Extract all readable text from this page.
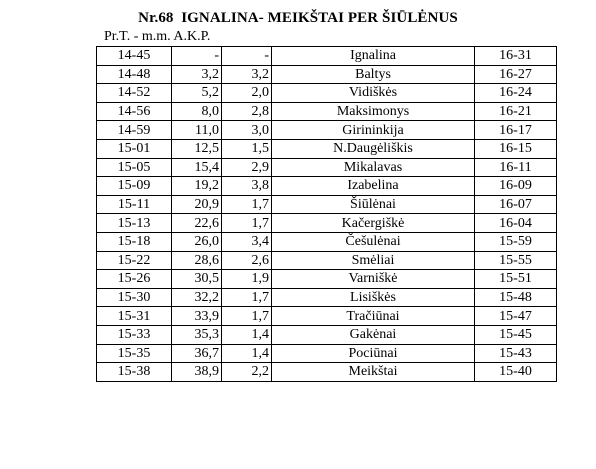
Nr.68  IGNALINA- MEIKŠTAI PER ŠIŪLĖNUS
Pr.T. - m.m. A.K.P.
14-45	-	-	Ignalina	16-31
14-48	3,2	3,2	Baltys	16-27
14-52	5,2	2,0	Vidiškės	16-24
14-56	8,0	2,8	Maksimonys	16-21
14-59	11,0	3,0	Girininkija	16-17
15-01	12,5	1,5	N.Daugėliškis	16-15
15-05	15,4	2,9	Mikalavas	16-11
15-09	19,2	3,8	Izabelina	16-09
15-11	20,9	1,7	Šiūlėnai	16-07
15-13	22,6	1,7	Kačergiškė	16-04
15-18	26,0	3,4	Češulėnai	15-59
15-22	28,6	2,6	Smėliai	15-55
15-26	30,5	1,9	Varniškė	15-51
15-30	32,2	1,7	Lisiškės	15-48
15-31	33,9	1,7	Tračiūnai	15-47
15-33	35,3	1,4	Gakėnai	15-45
15-35	36,7	1,4	Pociūnai	15-43
15-38	38,9	2,2	Meikštai	15-40
